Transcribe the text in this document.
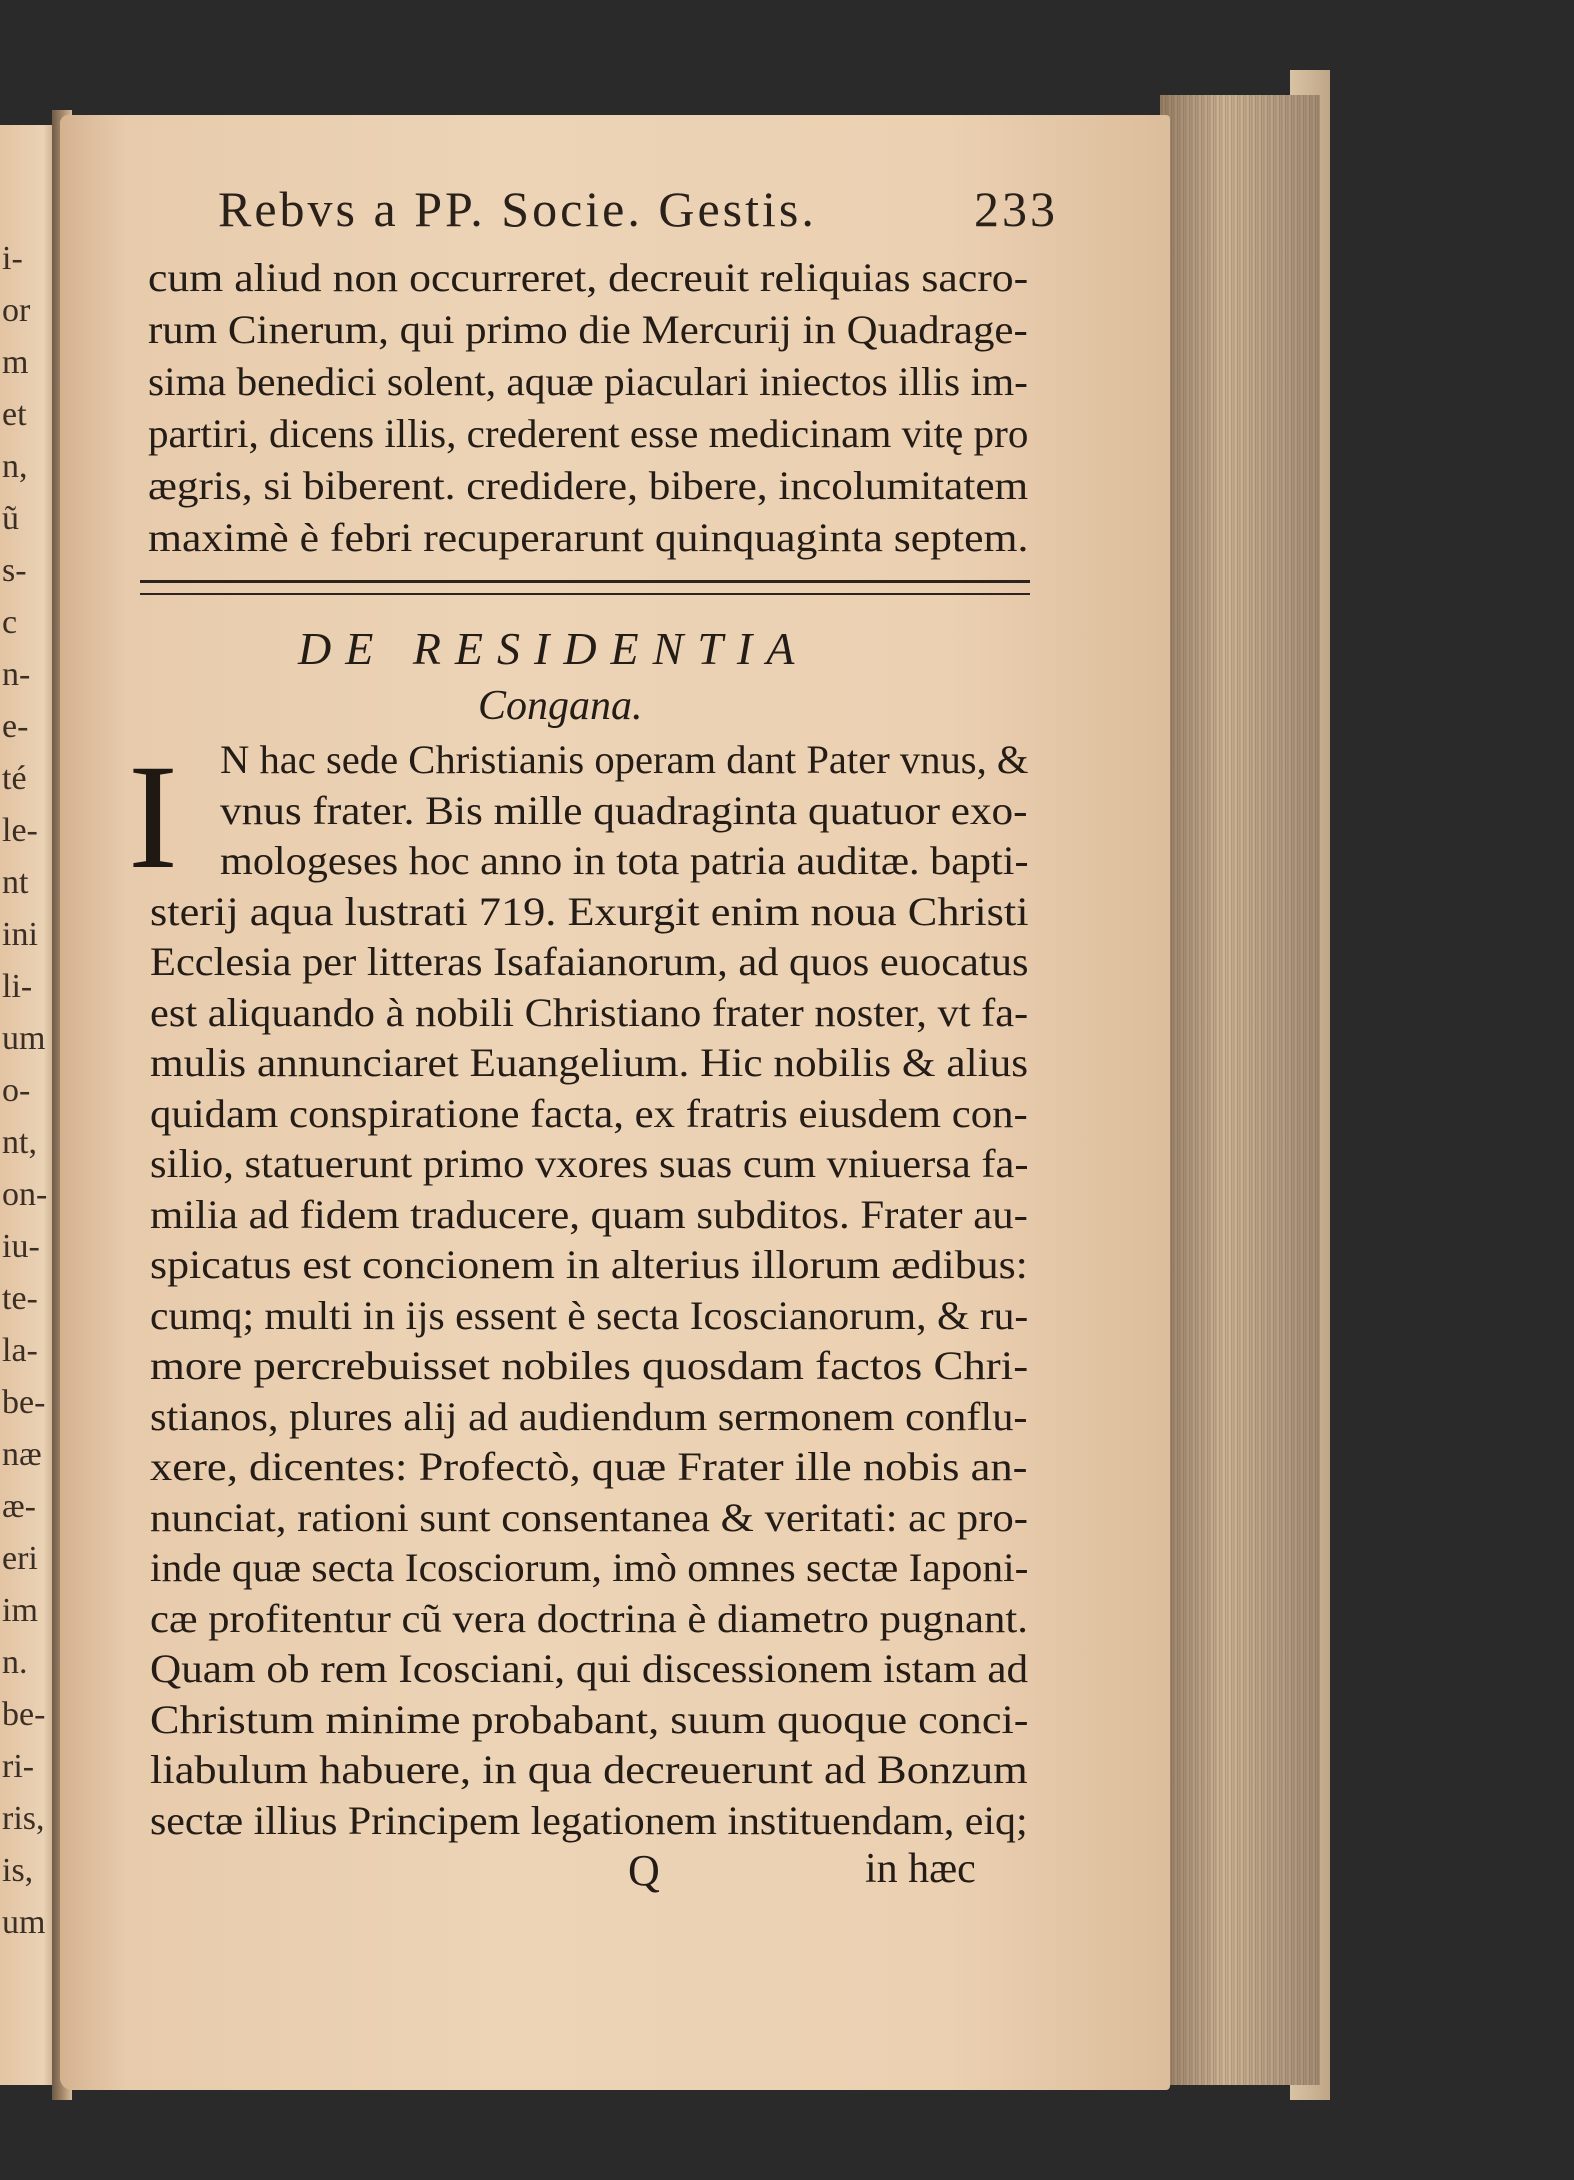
Rebvs a PP. Socie. Gestis.	233
cum aliud non occurreret, decreuit reliquias sacro-
rum Cinerum, qui primo die Mercurij in Quadrage-
sima benedici solent, aquæ piaculari iniectos illis im-
partiri, dicens illis, crederent esse medicinam vitę pro
ægris, si biberent. credidere, bibere, incolumitatem
maximè è febri recuperarunt quinquaginta septem.
DE RESIDENTIA
Congana.
I N hac sede Christianis operam dant Pater vnus, &
vnus frater. Bis mille quadraginta quatuor exo-
mologeses hoc anno in tota patria auditæ. bapti-
sterij aqua lustrati 719. Exurgit enim noua Christi
Ecclesia per litteras Isafaianorum, ad quos euocatus
est aliquando à nobili Christiano frater noster, vt fa-
mulis annunciaret Euangelium. Hic nobilis & alius
quidam conspiratione facta, ex fratris eiusdem con-
silio, statuerunt primo vxores suas cum vniuersa fa-
milia ad fidem traducere, quam subditos. Frater au-
spicatus est concionem in alterius illorum ædibus:
cumq; multi in ijs essent è secta Icoscianorum, & ru-
more percrebuisset nobiles quosdam factos Chri-
stianos, plures alij ad audiendum sermonem conflu-
xere, dicentes: Profectò, quæ Frater ille nobis an-
nunciat, rationi sunt consentanea & veritati: ac pro-
inde quæ secta Icosciorum, imò omnes sectæ Iaponi-
cæ profitentur cũ vera doctrina è diametro pugnant.
Quam ob rem Icosciani, qui discessionem istam ad
Christum minime probabant, suum quoque conci-
liabulum habuere, in qua decreuerunt ad Bonzum
sectæ illius Principem legationem instituendam, eiq;
Q	in hæc
i-
or
m
et
n,
ũ
s-
c
n-
e-
té
le-
nt
ini
li-
um
o-
nt,
on-
iu-
te-
la-
be-
næ
æ-
eri
im
n.
be-
ri-
ris,
is,
um
